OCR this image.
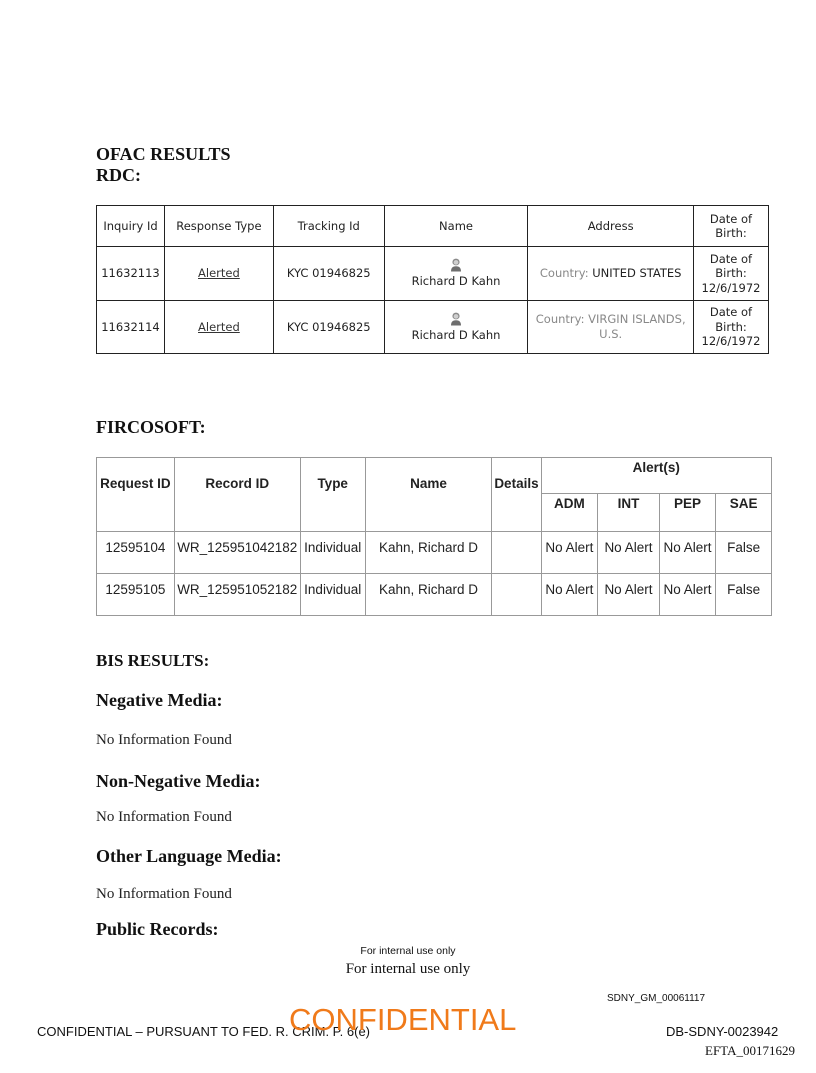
OFAC RESULTS
RDC:
Inquiry Id	Response Type	Tracking Id	Name	Address	Date of Birth:
11632113	Alerted	KYC 01946825	Richard D Kahn	Country: UNITED STATES	Date of Birth:
12/6/1972
11632114	Alerted	KYC 01946825	Richard D Kahn	Country: VIRGIN ISLANDS, U.S.	Date of Birth:
12/6/1972
FIRCOSOFT:
Request ID	Record ID	Type	Name	Details	Alert(s)			
					ADM	INT	PEP	SAE
12595104	WR_125951042182	Individual	Kahn, Richard D		No Alert	No Alert	No Alert	False
12595105	WR_125951052182	Individual	Kahn, Richard D		No Alert	No Alert	No Alert	False
BIS RESULTS:
Negative Media:
No Information Found
Non-Negative Media:
No Information Found
Other Language Media:
No Information Found
Public Records:
For internal use only
For internal use only
SDNY_GM_00061117
CONFIDENTIAL – PURSUANT TO FED. R. CRIM. P. 6(e)
CONFIDENTIAL	DB-SDNY-0023942
EFTA_00171629
